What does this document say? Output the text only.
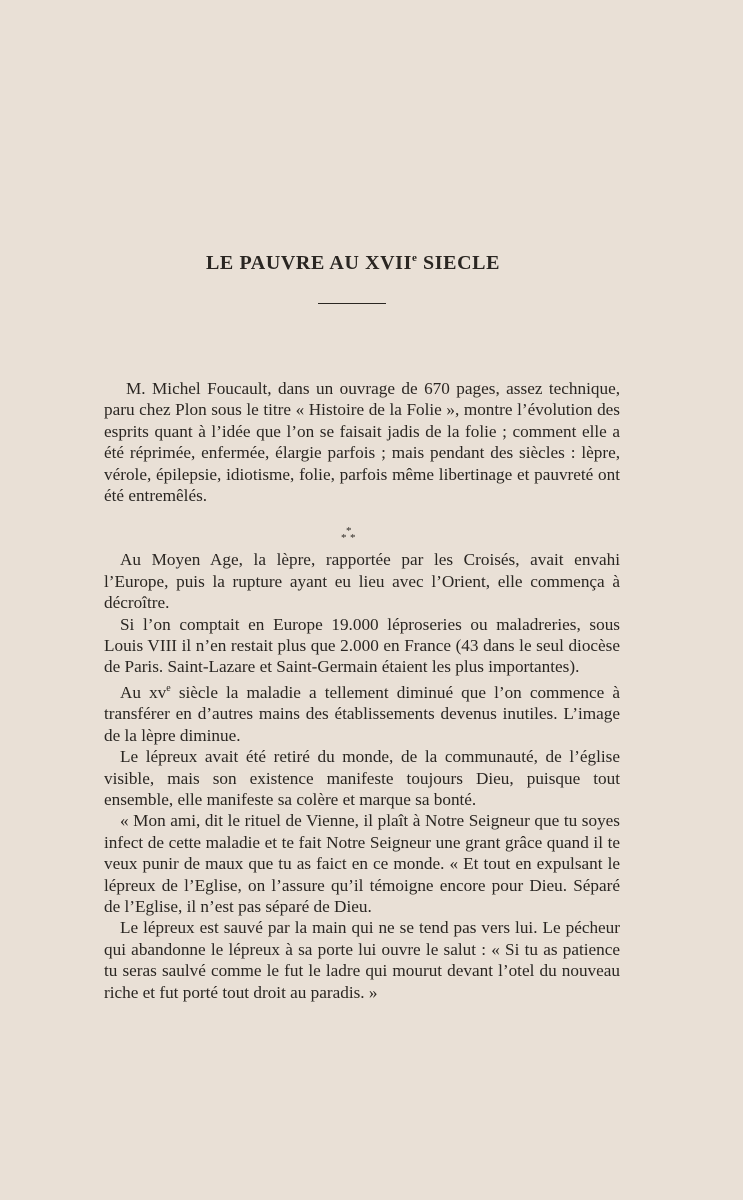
LE PAUVRE AU XVIIe SIECLE

M. Michel Foucault, dans un ouvrage de 670 pages, assez technique, paru chez Plon sous le titre « Histoire de la Folie », montre l’évolution des esprits quant à l’idée que l’on se faisait jadis de la folie ; comment elle a été réprimée, enfermée, élargie parfois ; mais pendant des siècles : lèpre, vérole, épilepsie, idiotisme, folie, parfois même libertinage et pauvreté ont été entremêlés.

Au Moyen Age, la lèpre, rapportée par les Croisés, avait envahi l’Europe, puis la rupture ayant eu lieu avec l’Orient, elle commença à décroître.

Si l’on comptait en Europe 19.000 léproseries ou maladreries, sous Louis VIII il n’en restait plus que 2.000 en France (43 dans le seul diocèse de Paris. Saint-Lazare et Saint-Germain étaient les plus importantes).

Au $xv^e$ siècle la maladie a tellement diminué que l’on commence à transférer en d’autres mains des établissements devenus inutiles. L’image de la lèpre diminue.

Le lépreux avait été retiré du monde, de la communauté, de l’église visible, mais son existence manifeste toujours Dieu, puisque tout ensemble, elle manifeste sa colère et marque sa bonté.

« Mon ami, dit le rituel de Vienne, il plaît à Notre Seigneur que tu soyes infect de cette maladie et te fait Notre Seigneur une grant grâce quand il te veux punir de maux que tu as faict en ce monde. « Et tout en expulsant le lépreux de l’Eglise, on l’assure qu’il témoigne encore pour Dieu. Séparé de l’Eglise, il n’est pas séparé de Dieu.

Le lépreux est sauvé par la main qui ne se tend pas vers lui. Le pécheur qui abandonne le lépreux à sa porte lui ouvre le salut : « Si tu as patience tu seras saulvé comme le fut le ladre qui mourut devant l’otel du nouveau riche et fut porté tout droit au paradis. »

*
* *
